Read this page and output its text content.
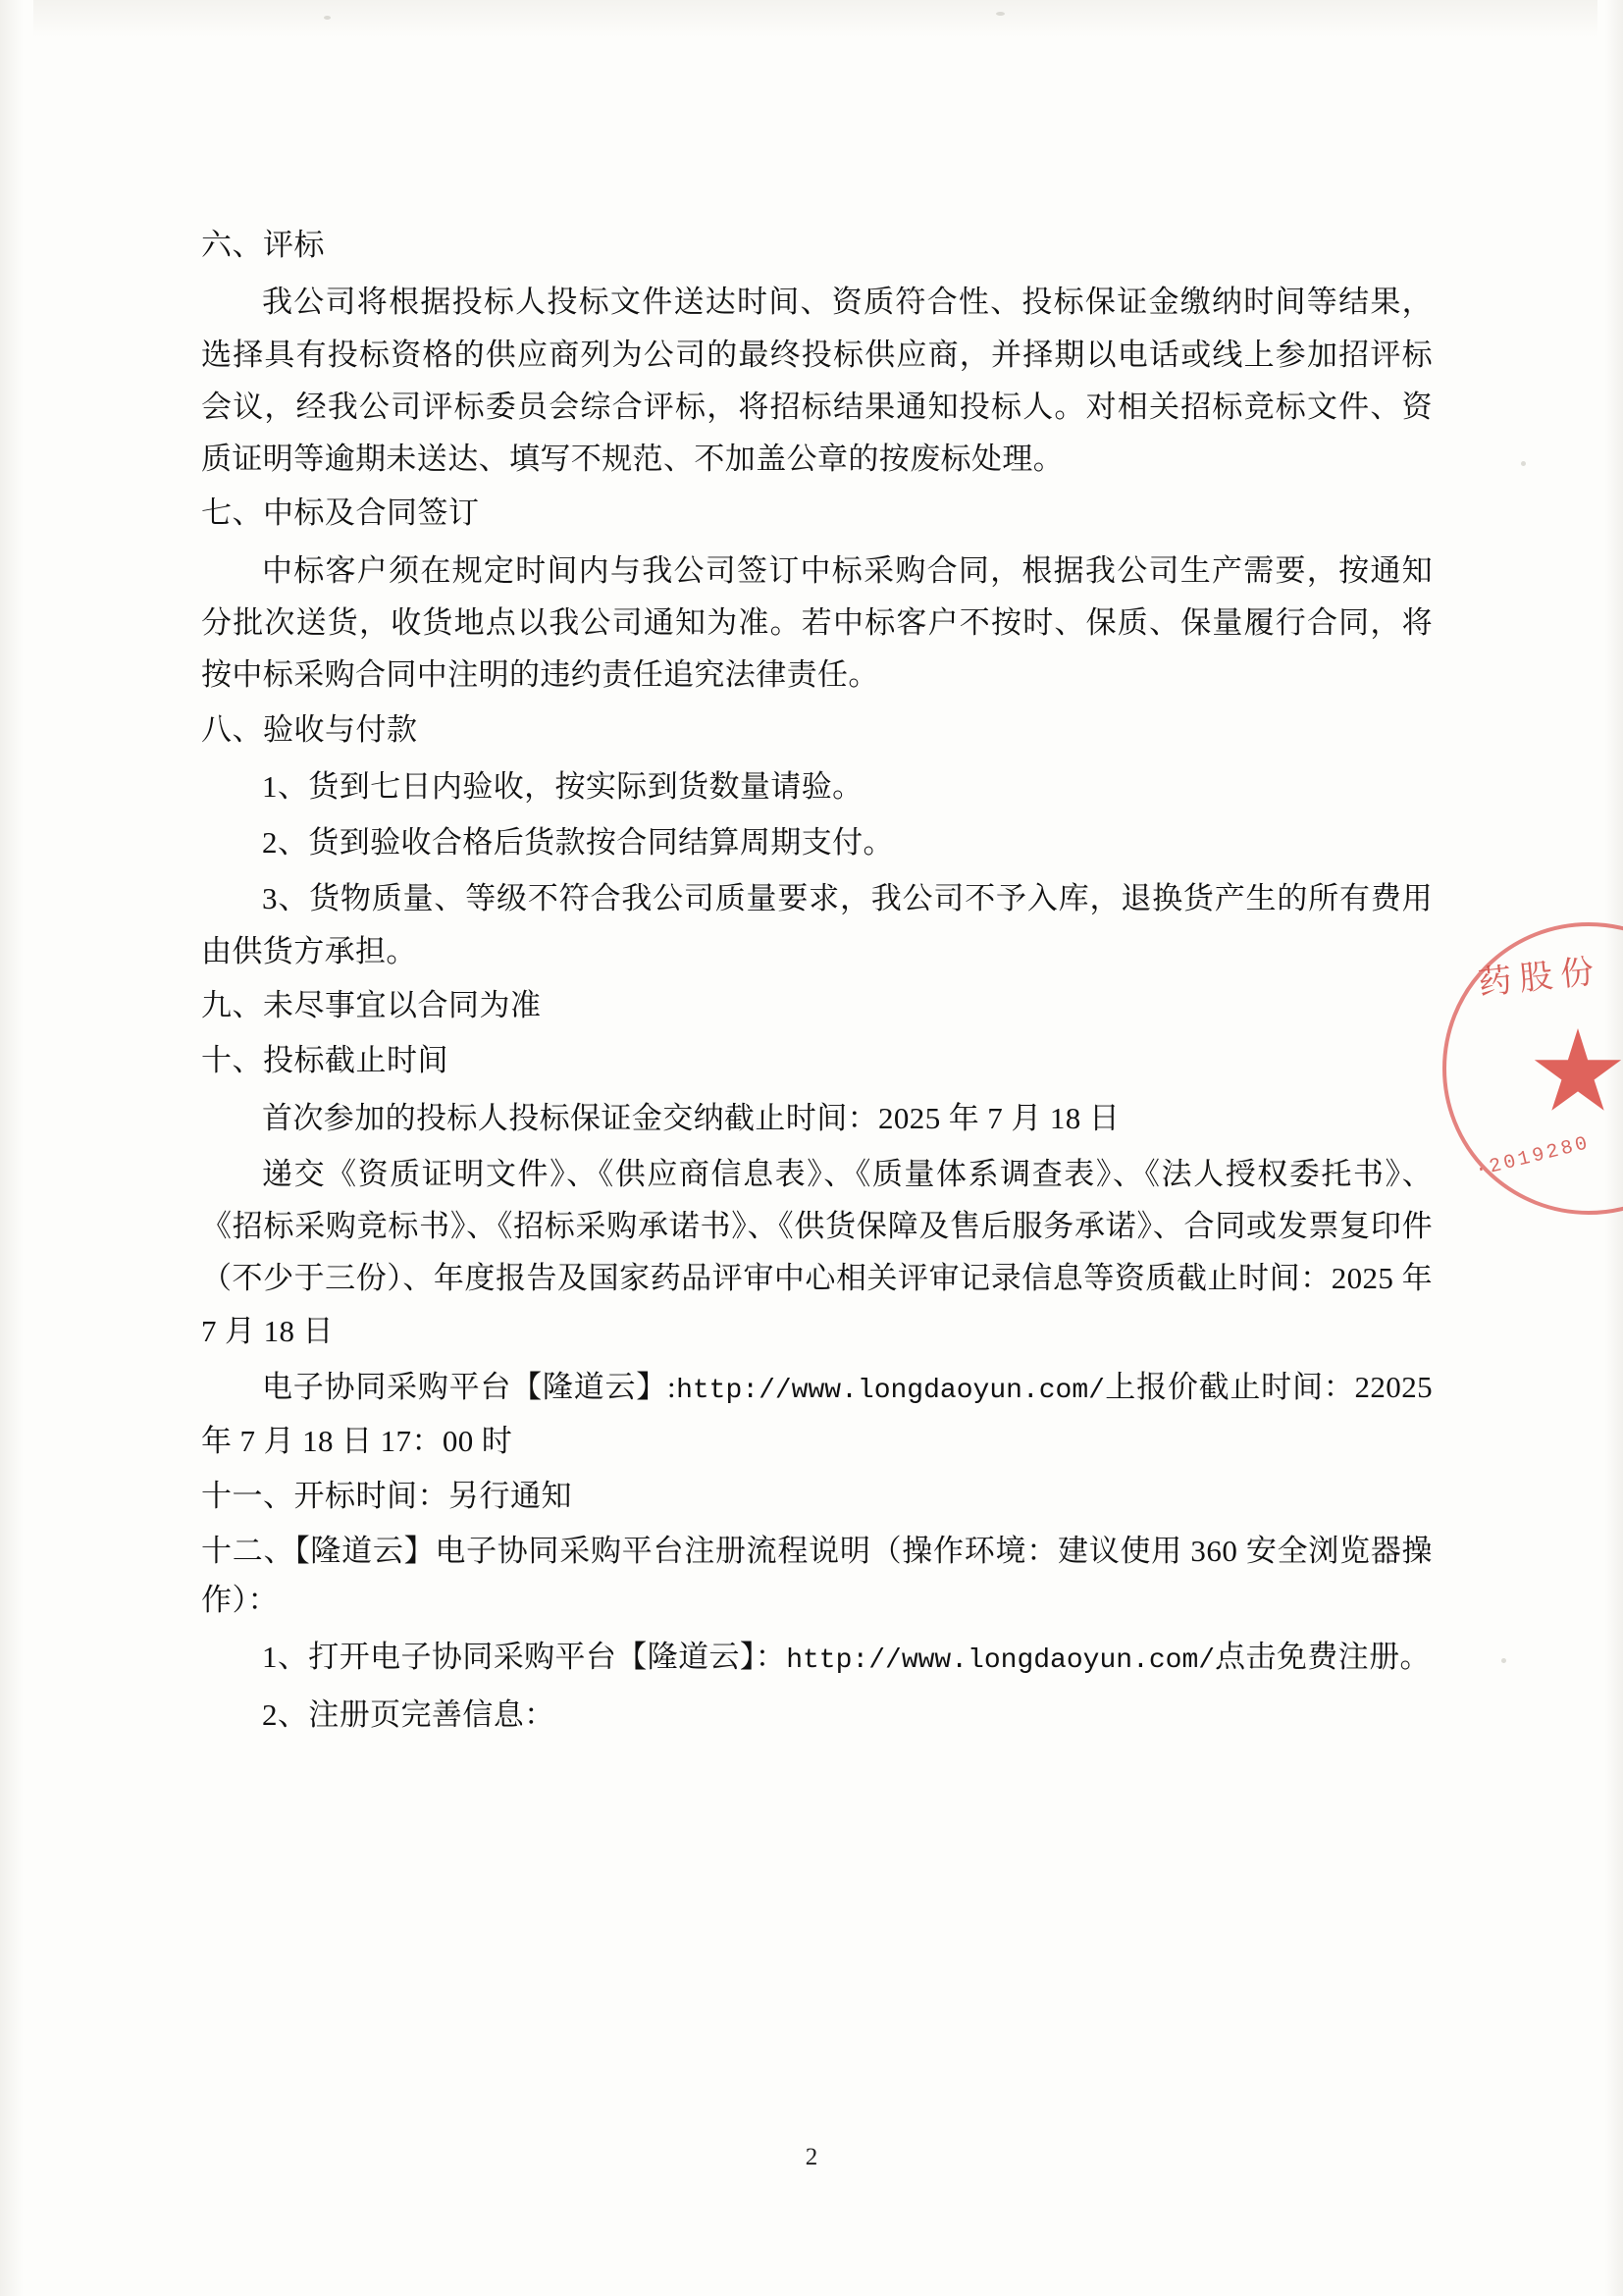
六、评标

我公司将根据投标人投标文件送达时间、资质符合性、投标保证金缴纳时间等结果，选择具有投标资格的供应商列为公司的最终投标供应商，并择期以电话或线上参加招评标会议，经我公司评标委员会综合评标，将招标结果通知投标人。对相关招标竞标文件、资质证明等逾期未送达、填写不规范、不加盖公章的按废标处理。

七、中标及合同签订

中标客户须在规定时间内与我公司签订中标采购合同，根据我公司生产需要，按通知分批次送货，收货地点以我公司通知为准。若中标客户不按时、保质、保量履行合同，将按中标采购合同中注明的违约责任追究法律责任。

八、验收与付款

1、货到七日内验收，按实际到货数量请验。

2、货到验收合格后货款按合同结算周期支付。

3、货物质量、等级不符合我公司质量要求，我公司不予入库，退换货产生的所有费用由供货方承担。

九、未尽事宜以合同为准

十、投标截止时间

首次参加的投标人投标保证金交纳截止时间：2025 年 7 月 18 日

递交《资质证明文件》、《供应商信息表》、《质量体系调查表》、《法人授权委托书》、《招标采购竞标书》、《招标采购承诺书》、《供货保障及售后服务承诺》、合同或发票复印件（不少于三份）、年度报告及国家药品评审中心相关评审记录信息等资质截止时间：2025 年 7 月 18 日

电子协同采购平台【隆道云】:http://www.longdaoyun.com/上报价截止时间：22025 年 7 月 18 日 17：00 时

十一、开标时间：另行通知

十二、【隆道云】电子协同采购平台注册流程说明（操作环境：建议使用 360 安全浏览器操作）：

1、打开电子协同采购平台【隆道云】：http://www.longdaoyun.com/点击免费注册。

2、注册页完善信息：

药股份
·2019280
2
